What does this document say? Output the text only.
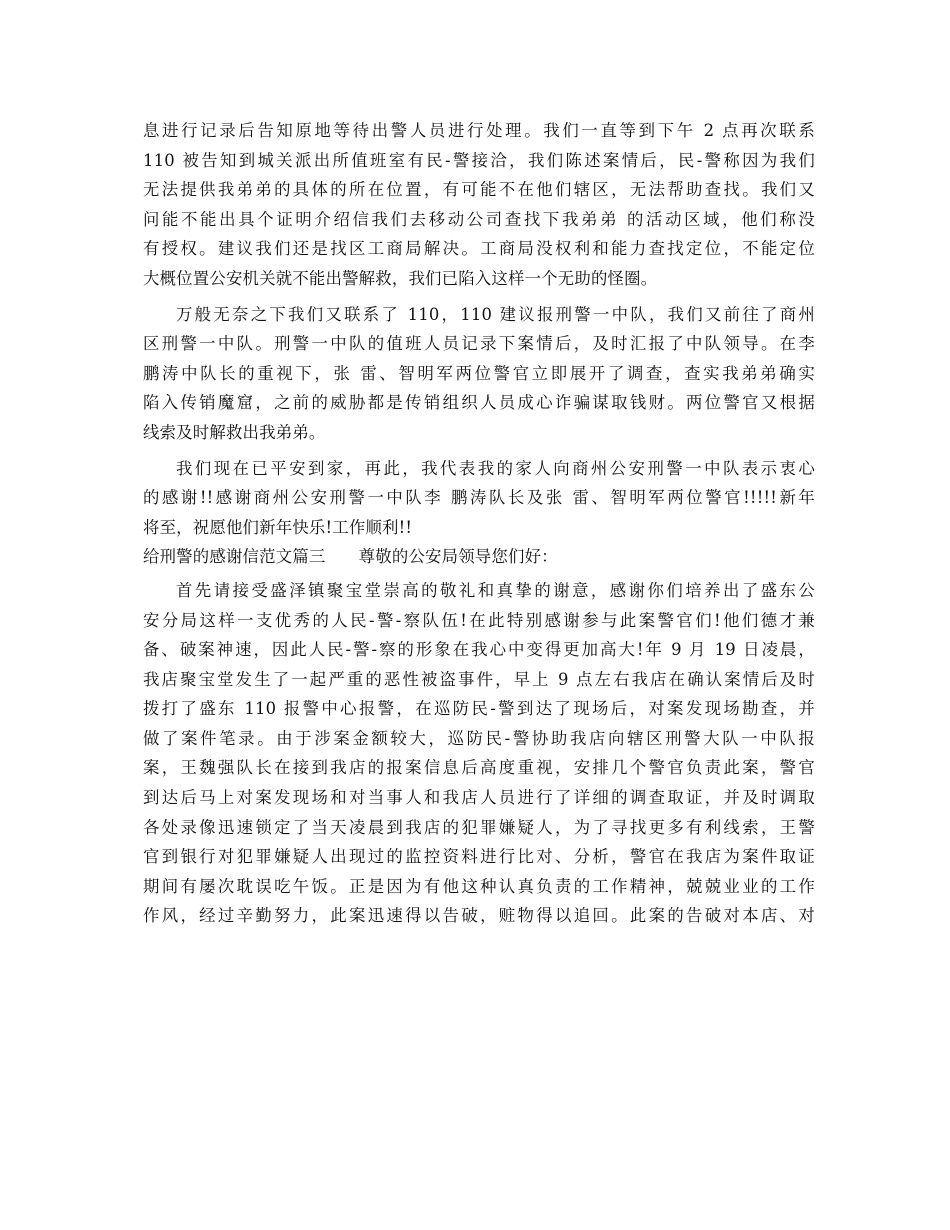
息进行记录后告知原地等待出警人员进行处理。我们一直等到下午 2 点再次联系
110 被告知到城关派出所值班室有民-警接洽，我们陈述案情后，民-警称因为我们
无法提供我弟弟的具体的所在位置，有可能不在他们辖区，无法帮助查找。我们又
问能不能出具个证明介绍信我们去移动公司查找下我弟弟 的活动区域，他们称没
有授权。建议我们还是找区工商局解决。工商局没权利和能力查找定位，不能定位
大概位置公安机关就不能出警解救，我们已陷入这样一个无助的怪圈。
万般无奈之下我们又联系了 110，110 建议报刑警一中队，我们又前往了商州
区刑警一中队。刑警一中队的值班人员记录下案情后，及时汇报了中队领导。在李
鹏涛中队长的重视下，张 雷、智明军两位警官立即展开了调查，查实我弟弟确实
陷入传销魔窟，之前的威胁都是传销组织人员成心诈骗谋取钱财。两位警官又根据
线索及时解救出我弟弟。
我们现在已平安到家，再此，我代表我的家人向商州公安刑警一中队表示衷心
的感谢!!感谢商州公安刑警一中队李 鹏涛队长及张 雷、智明军两位警官!!!!!新年
将至，祝愿他们新年快乐!工作顺利!!
给刑警的感谢信范文篇三　　尊敬的公安局领导您们好：
首先请接受盛泽镇聚宝堂崇高的敬礼和真挚的谢意，感谢你们培养出了盛东公
安分局这样一支优秀的人民-警-察队伍!在此特别感谢参与此案警官们!他们德才兼
备、破案神速，因此人民-警-察的形象在我心中变得更加高大!年 9 月 19 日凌晨，
我店聚宝堂发生了一起严重的恶性被盗事件，早上 9 点左右我店在确认案情后及时
拨打了盛东 110 报警中心报警，在巡防民-警到达了现场后，对案发现场勘查，并
做了案件笔录。由于涉案金额较大，巡防民-警协助我店向辖区刑警大队一中队报
案，王魏强队长在接到我店的报案信息后高度重视，安排几个警官负责此案，警官
到达后马上对案发现场和对当事人和我店人员进行了详细的调查取证，并及时调取
各处录像迅速锁定了当天凌晨到我店的犯罪嫌疑人，为了寻找更多有利线索，王警
官到银行对犯罪嫌疑人出现过的监控资料进行比对、分析，警官在我店为案件取证
期间有屡次耽误吃午饭。正是因为有他这种认真负责的工作精神，兢兢业业的工作
作风，经过辛勤努力，此案迅速得以告破，赃物得以追回。此案的告破对本店、对
